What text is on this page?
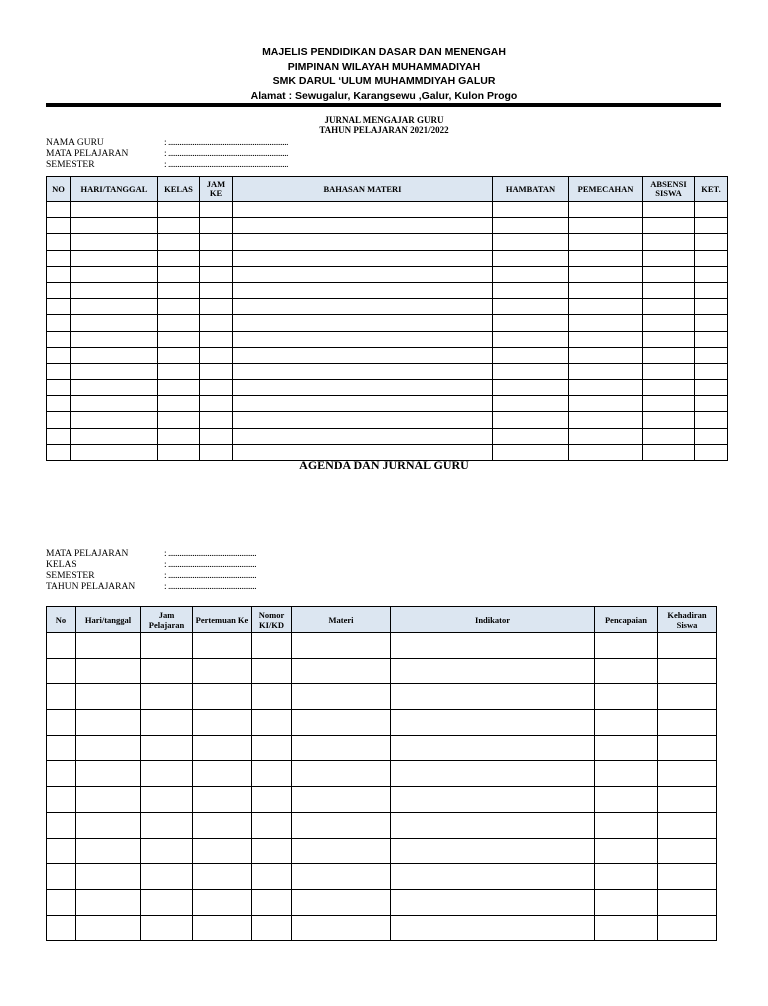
MAJELIS PENDIDIKAN DASAR DAN MENENGAH
PIMPINAN WILAYAH MUHAMMADIYAH
SMK DARUL ‘ULUM MUHAMMDIYAH GALUR
Alamat : Sewugalur, Karangsewu ,Galur, Kulon Progo
JURNAL MENGAJAR GURU
TAHUN PELAJARAN 2021/2022
NAMA GURU	: ................................................................
MATA PELAJARAN	: ................................................................
SEMESTER	: ................................................................
NO	HARI/TANGGAL	KELAS	JAM KE	BAHASAN MATERI	HAMBATAN	PEMECAHAN	ABSENSI SISWA	KET.

AGENDA DAN JURNAL GURU
MATA PELAJARAN	: ...............................................
KELAS	: ...............................................
SEMESTER	: ...............................................
TAHUN PELAJARAN	: ...............................................
No	Hari/tanggal	Jam Pelajaran	Pertemuan Ke	Nomor KI/KD	Materi	Indikator	Pencapaian	Kehadiran Siswa
